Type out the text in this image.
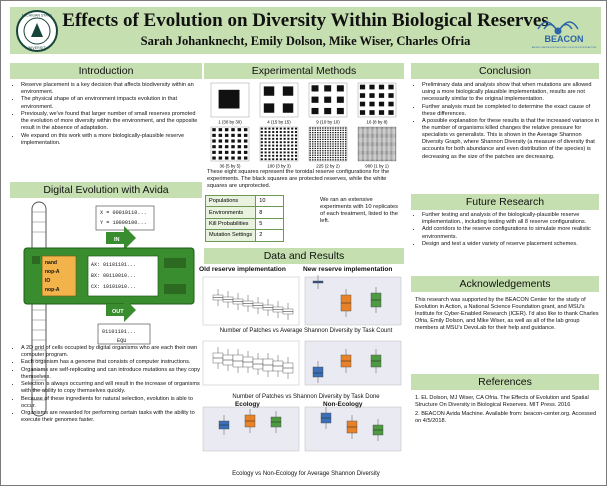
Effects of Evolution on Diversity Within Biological Reserves
Sarah Johanknecht, Emily Dolson, Mike Wiser, Charles Ofria
MICHIGAN STATE
UNIVERSITY
BEACON
AN NSF CENTER FOR THE STUDY OF EVOLUTION IN ACTION
Introduction
• Reserve placement is a key decision that affects biodiversity within an environment.
• The physical shape of an environment impacts evolution in that environment.
• Previously, we've found that larger number of small reserves promoted the evolution of more diversity within the environment, and the opposite result in the absence of adaptation.
• We expand on this work with a more biologically-plausible reserve implementation.
Digital Evolution with Avida
X = 00010110...
Y = 10000100...
IN
nand
nop-A
IO
nop-A
AX: 01101101...
BX: 00110010...
CX: 10101010...
OUT
01101101...
EQU
• A 2D grid of cells occupied by digital organisms who are each their own computer program.
• Each organism has a genome that consists of computer instructions.
• Organisms are self-replicating and can introduce mutations as they copy themselves.
• Selection is always occurring and will result in the increase of organisms with the ability to copy themselves quickly.
• Because of these ingredients for natural selection, evolution is able to occur.
• Organisms are rewarded for performing certain tasks with the ability to execute their genomes faster.
Experimental Methods
1 (30 by 30)	4 (15 by 15)	9 (10 by 10)	16 (8 by 8)
36 (5 by 5)	100 (3 by 3)	225 (2 by 2)	900 (1 by 1)
These eight squares represent the toroidal reserve configurations for the experiments. The black squares are protected reserves, while the white squares are unprotected.
Populations	10
Environments	8
Kill Probabilities	5
Mutation Settings	2
We ran an extensive experiments with 10 replicates of each treatment, listed to the left.
Data and Results
Old reserve implementation	New reserve implementation
Number of Patches vs Average Shannon Diversity by Task Count
Number of Patches vs Shannon Diversity by Task Done
Ecology	Non-Ecology
Ecology vs Non-Ecology for Average Shannon Diversity
Conclusion
• Preliminary data and analysis show that when mutations are allowed using a more biologically plausible implementation, results are not necessarily similar to the original implementation.
• Further analysis must be completed to determine the exact cause of these differences.
• A possible explanation for these results is that the increased variance in the number of organisms killed changes the relative pressure for specialists vs generalists. This is shown in the Average Shannon Diversity Graph, where Shannon Diversity (a measure of diversity that accounts for both abundance and even distribution of the species) is decreasing as the size of the patches are decreasing.
Future Research
• Further testing and analysis of the biologically-plausible reserve implementation., including testing with all 8 reserve configurations.
• Add corridors to the reserve configurations to simulate more realistic environments.
• Design and test a wider variety of reserve placement schemes.
Acknowledgements
This research was supported by the BEACON Center for the study of Evolution in Action, a National Science Foundation grant, and MSU's Institute for Cyber-Enabled Research (ICER). I'd also like to thank Charles Ofria, Emily Dolson, and Mike Wiser, as well as all of the lab group members at MSU's DevoLab for their help and guidance.
References
1. EL Dolson, MJ Wiser, CA Ofria. The Effects of Evolution and Spatial Structure On Diversity in Biological Reserves. MIT Press. 2016
2. BEACON Avida Machine. Available from: beacon-center.org. Accessed on 4/5/2018.
